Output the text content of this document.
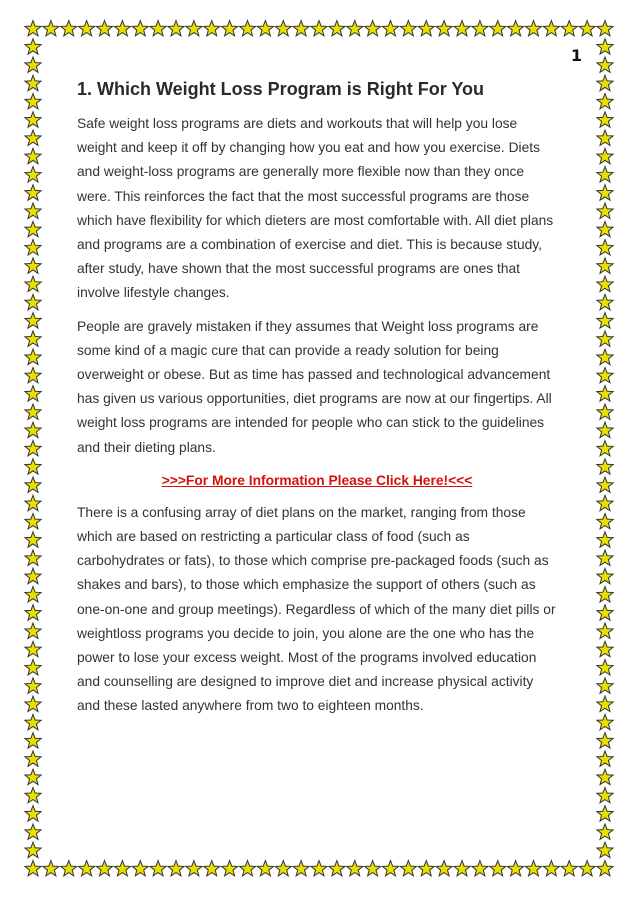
1
1. Which Weight Loss Program is Right For You

Safe weight loss programs are diets and workouts that will help you lose weight and keep it off by changing how you eat and how you exercise. Diets and weight-loss programs are generally more flexible now than they once were. This reinforces the fact that the most successful programs are those which have flexibility for which dieters are most comfortable with. All diet plans and programs are a combination of exercise and diet. This is because study, after study, have shown that the most successful programs are ones that involve lifestyle changes.

People are gravely mistaken if they assumes that Weight loss programs are some kind of a magic cure that can provide a ready solution for being overweight or obese. But as time has passed and technological advancement has given us various opportunities, diet programs are now at our fingertips. All weight loss programs are intended for people who can stick to the guidelines and their dieting plans.

>>>For More Information Please Click Here!<<<

There is a confusing array of diet plans on the market, ranging from those which are based on restricting a particular class of food (such as carbohydrates or fats), to those which comprise pre-packaged foods (such as shakes and bars), to those which emphasize the support of others (such as one-on-one and group meetings). Regardless of which of the many diet pills or weightloss programs you decide to join, you alone are the one who has the power to lose your excess weight. Most of the programs involved education and counselling are designed to improve diet and increase physical activity and these lasted anywhere from two to eighteen months.
